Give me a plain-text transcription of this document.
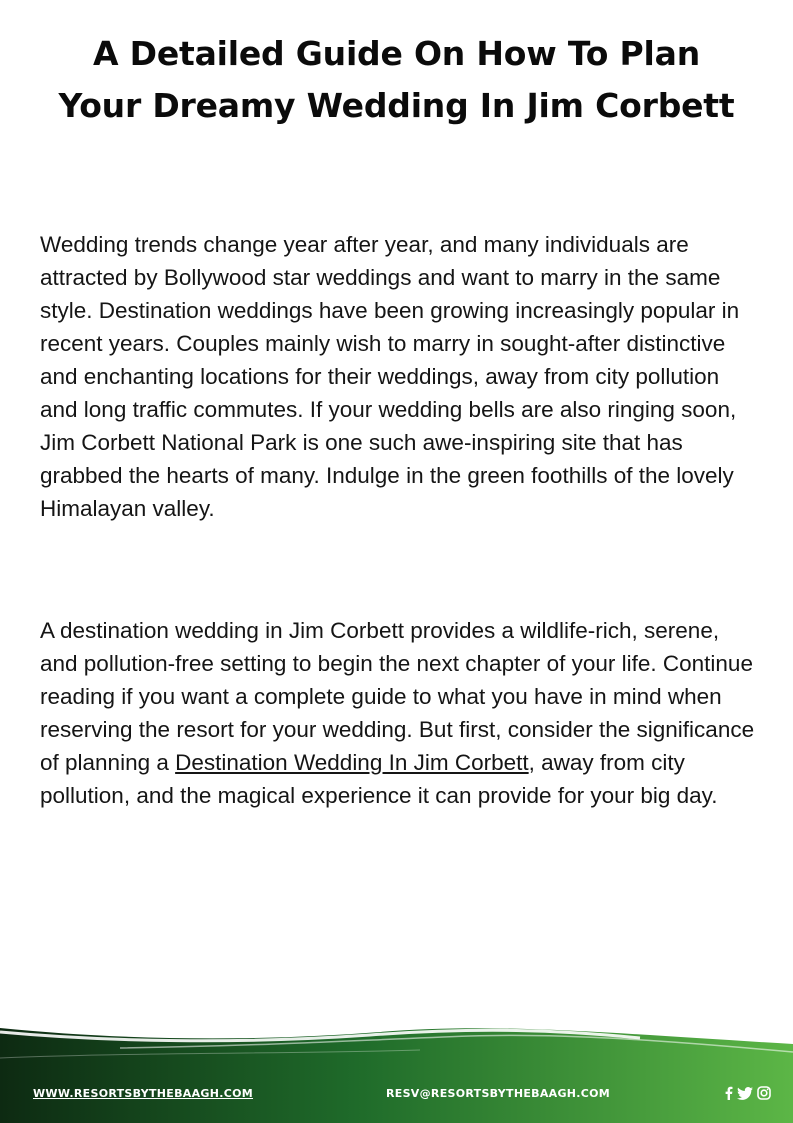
A Detailed Guide On How To Plan
Your Dreamy Wedding In Jim Corbett

Wedding trends change year after year, and many individuals are attracted by Bollywood star weddings and want to marry in the same style. Destination weddings have been growing increasingly popular in recent years. Couples mainly wish to marry in sought-after distinctive and enchanting locations for their weddings, away from city pollution and long traffic commutes. If your wedding bells are also ringing soon, Jim Corbett National Park is one such awe-inspiring site that has grabbed the hearts of many. Indulge in the green foothills of the lovely Himalayan valley.

A destination wedding in Jim Corbett provides a wildlife-rich, serene, and pollution-free setting to begin the next chapter of your life. Continue reading if you want a complete guide to what you have in mind when reserving the resort for your wedding. But first, consider the significance of planning a Destination Wedding In Jim Corbett, away from city pollution, and the magical experience it can provide for your big day.

WWW.RESORTSBYTHEBAAGH.COM	RESV@RESORTSBYTHEBAAGH.COM
